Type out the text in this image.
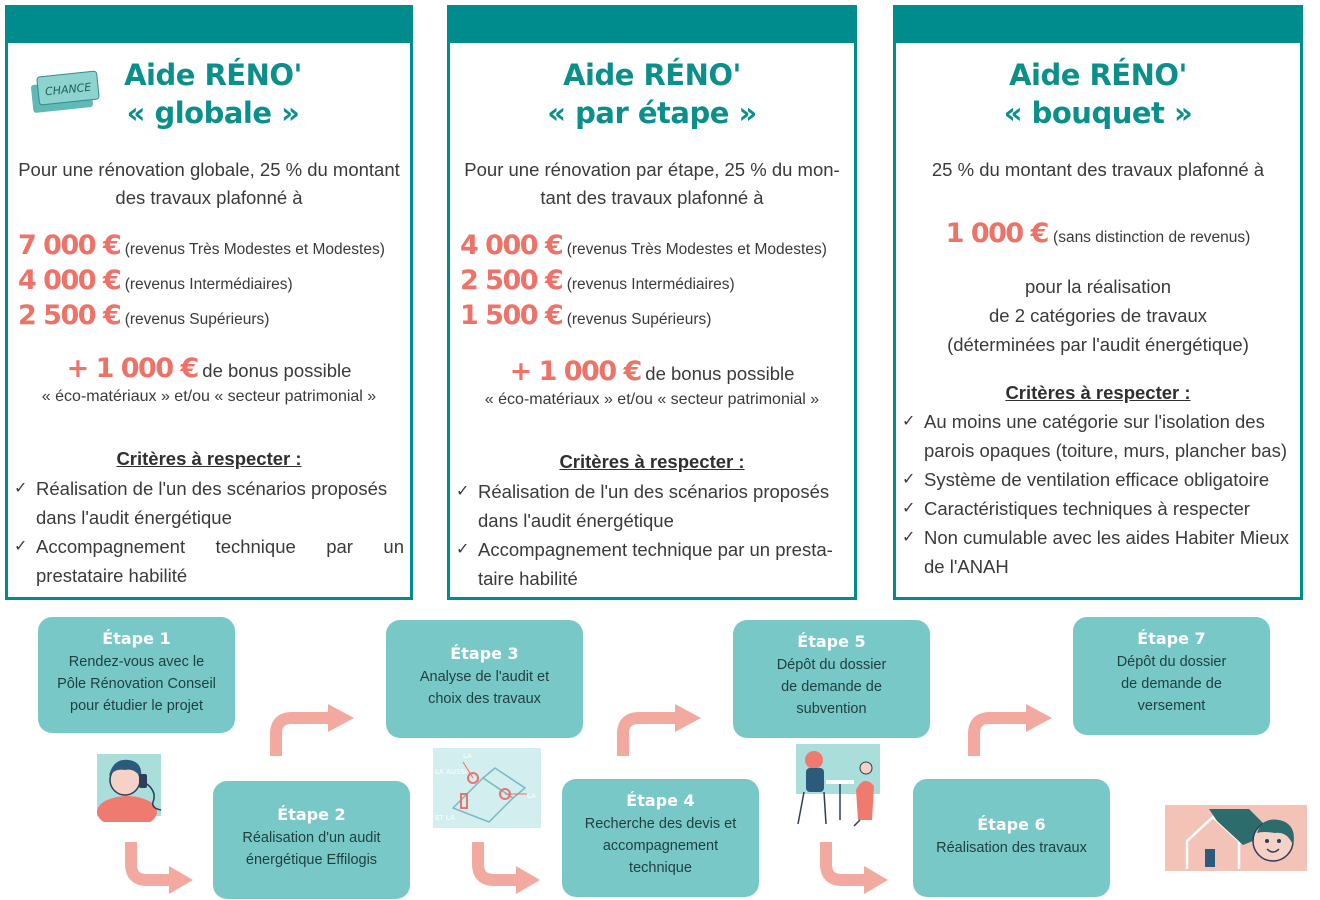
CHANCE	Aide RÉNO'
« globale »
Pour une rénovation globale, 25 % du montant
des travaux plafonné à
7 000 € (revenus Très Modestes et Modestes)
4 000 € (revenus Intermédiaires)
2 500 € (revenus Supérieurs)
+ 1 000 € de bonus possible
« éco-matériaux » et/ou « secteur patrimonial »
Critères à respecter :
✓ Réalisation de l'un des scénarios proposés
dans l'audit énergétique
✓ Accompagnement technique par un
prestataire habilité
Aide RÉNO'
« par étape »
Pour une rénovation par étape, 25 % du mon-
tant des travaux plafonné à
4 000 € (revenus Très Modestes et Modestes)
2 500 € (revenus Intermédiaires)
1 500 € (revenus Supérieurs)
+ 1 000 € de bonus possible
« éco-matériaux » et/ou « secteur patrimonial »
Critères à respecter :
✓ Réalisation de l'un des scénarios proposés
dans l'audit énergétique
✓ Accompagnement technique par un presta-
taire habilité
Aide RÉNO'
« bouquet »
25 % du montant des travaux plafonné à
1 000 € (sans distinction de revenus)
pour la réalisation
de 2 catégories de travaux
(déterminées par l'audit énergétique)
Critères à respecter :
✓ Au moins une catégorie sur l'isolation des
parois opaques (toiture, murs, plancher bas)
✓ Système de ventilation efficace obligatoire
✓ Caractéristiques techniques à respecter
✓ Non cumulable avec les aides Habiter Mieux
de l'ANAH
Étape 1
Rendez-vous avec le
Pôle Rénovation Conseil
pour étudier le projet
Étape 2
Réalisation d'un audit
énergétique Effilogis
Étape 3
Analyse de l'audit et
choix des travaux
Étape 4
Recherche des devis et
accompagnement
technique
Étape 5
Dépôt du dossier
de demande de
subvention
Étape 6
Réalisation des travaux
Étape 7
Dépôt du dossier
de demande de
versement
LÀ
LÀ AUSSI
LÀ
ET LÀ
